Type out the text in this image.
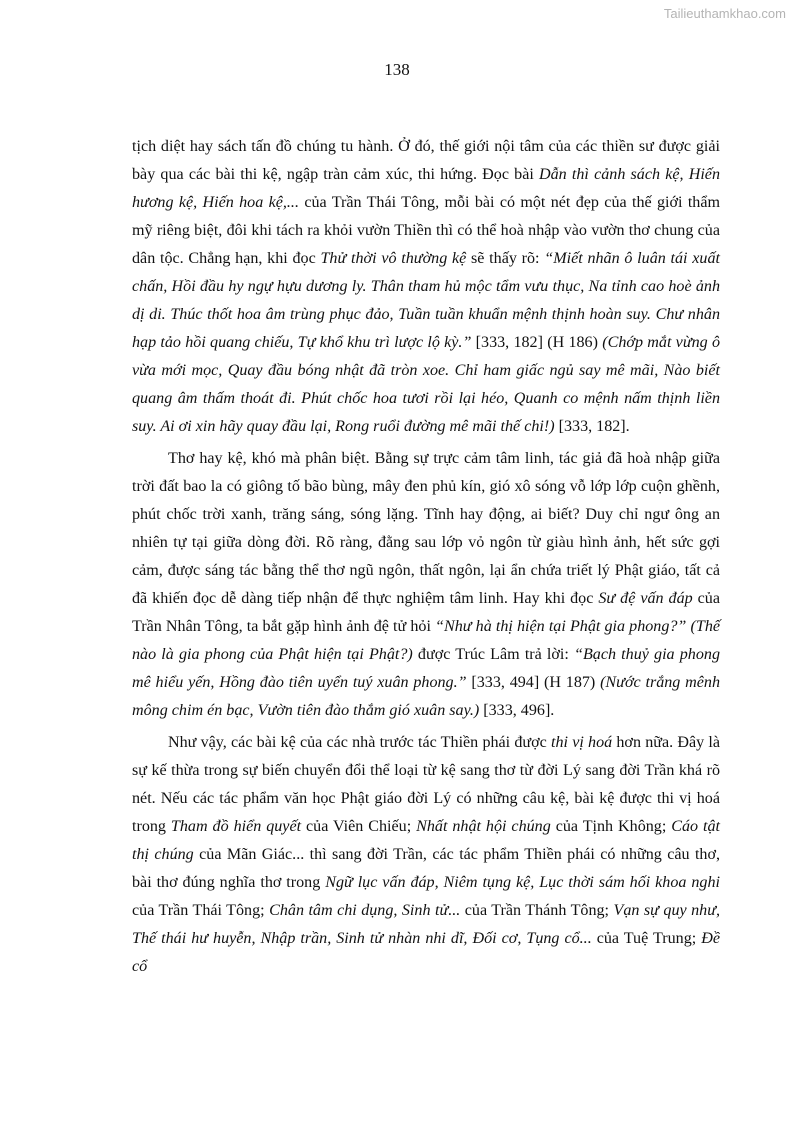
Tailieuthamkhao.com
138

tịch diệt hay sách tấn đồ chúng tu hành. Ở đó, thế giới nội tâm của các thiền sư được giải bày qua các bài thi kệ, ngập tràn cảm xúc, thi hứng. Đọc bài Dẫn thì cảnh sách kệ, Hiến hương kệ, Hiến hoa kệ,... của Trần Thái Tông, mỗi bài có một nét đẹp của thế giới thẩm mỹ riêng biệt, đôi khi tách ra khỏi vườn Thiền thì có thể hoà nhập vào vườn thơ chung của dân tộc. Chẳng hạn, khi đọc Thử thời vô thường kệ sẽ thấy rõ: “Miết nhãn ô luân tái xuất chấn, Hồi đầu hy ngự hựu dương ly. Thân tham hủ mộc tẩm vưu thục, Na tỉnh cao hoè ảnh dị di. Thúc thốt hoa âm trùng phục đảo, Tuần tuần khuẩn mệnh thịnh hoàn suy. Chư nhân hạp tảo hồi quang chiếu, Tự khổ khu trì lược lộ kỳ.” [333, 182] (H 186) (Chớp mắt vừng ô vừa mới mọc, Quay đầu bóng nhật đã tròn xoe. Chỉ ham giấc ngủ say mê mãi, Nào biết quang âm thấm thoát đi. Phút chốc hoa tươi rồi lại héo, Quanh co mệnh nấm thịnh liền suy. Ai ơi xin hãy quay đầu lại, Rong ruổi đường mê mãi thế chi!) [333, 182].

Thơ hay kệ, khó mà phân biệt. Bằng sự trực cảm tâm linh, tác giả đã hoà nhập giữa trời đất bao la có giông tố bão bùng, mây đen phủ kín, gió xô sóng vỗ lớp lớp cuộn ghềnh, phút chốc trời xanh, trăng sáng, sóng lặng. Tĩnh hay động, ai biết? Duy chỉ ngư ông an nhiên tự tại giữa dòng đời. Rõ ràng, đằng sau lớp vỏ ngôn từ giàu hình ảnh, hết sức gợi cảm, được sáng tác bằng thể thơ ngũ ngôn, thất ngôn, lại ẩn chứa triết lý Phật giáo, tất cả đã khiến đọc dễ dàng tiếp nhận để thực nghiệm tâm linh. Hay khi đọc Sư đệ vấn đáp của Trần Nhân Tông, ta bắt gặp hình ảnh đệ tử hỏi “Như hà thị hiện tại Phật gia phong?” (Thế nào là gia phong của Phật hiện tại Phật?) được Trúc Lâm trả lời: “Bạch thuỷ gia phong mê hiểu yến, Hồng đào tiên uyển tuý xuân phong.” [333, 494] (H 187) (Nước trắng mênh mông chim én bạc, Vườn tiên đào thắm gió xuân say.) [333, 496].

Như vậy, các bài kệ của các nhà trước tác Thiền phái được thi vị hoá hơn nữa. Đây là sự kế thừa trong sự biến chuyển đổi thể loại từ kệ sang thơ từ đời Lý sang đời Trần khá rõ nét. Nếu các tác phẩm văn học Phật giáo đời Lý có những câu kệ, bài kệ được thi vị hoá trong Tham đồ hiển quyết của Viên Chiếu; Nhất nhật hội chúng của Tịnh Không; Cáo tật thị chúng của Mãn Giác... thì sang đời Trần, các tác phẩm Thiền phái có những câu thơ, bài thơ đúng nghĩa thơ trong Ngữ lục vấn đáp, Niêm tụng kệ, Lục thời sám hối khoa nghi của Trần Thái Tông; Chân tâm chi dụng, Sinh tử... của Trần Thánh Tông; Vạn sự quy như, Thế thái hư huyễn, Nhập trần, Sinh tử nhàn nhi dĩ, Đối cơ, Tụng cổ... của Tuệ Trung; Đề cổ
